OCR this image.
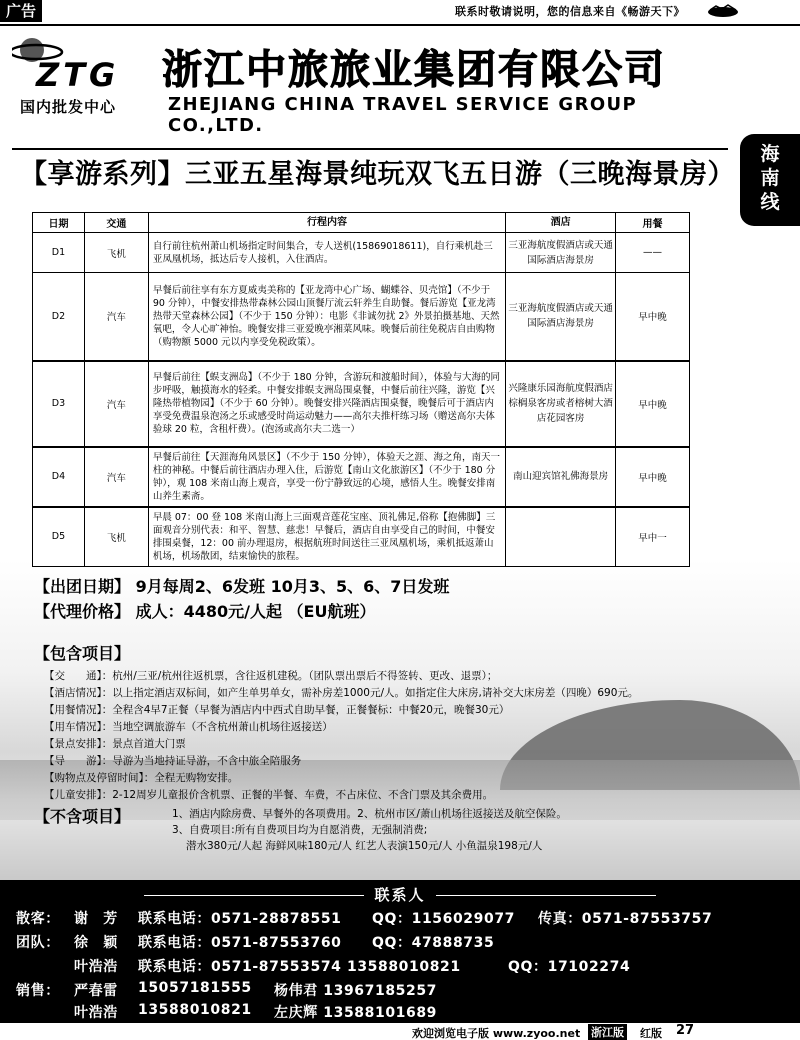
广告	联系时敬请说明，您的信息来自《畅游天下》
ZTG
国内批发中心
浙江中旅旅业集团有限公司
ZHEJIANG CHINA TRAVEL SERVICE GROUP CO.,LTD.
海南线
【享游系列】三亚五星海景纯玩双飞五日游（三晚海景房）
日期	交通	行程内容	酒店	用餐
D1	飞机	自行前往杭州萧山机场指定时间集合，专人送机(15869018611)，自行乘机赴三亚凤凰机场，抵达后专人接机，入住酒店。	三亚海航度假酒店或天通国际酒店海景房	——
D2	汽车	早餐后前往享有东方夏威夷美称的【亚龙湾中心广场、蝴蝶谷、贝壳馆】（不少于 90 分钟），中餐安排热带森林公园山顶餐厅流云轩养生自助餐。餐后游览【亚龙湾热带天堂森林公园】（不少于 150 分钟）：电影《非诚勿扰 2》外景拍摄基地、天然氧吧，令人心旷神怡。晚餐安排三亚爱晚亭湘菜风味。晚餐后前往免税店自由购物（购物额 5000 元以内享受免税政策）。	三亚海航度假酒店或天通国际酒店海景房	早中晚
D3	汽车	早餐后前往【蜈支洲岛】（不少于 180 分钟，含游玩和渡船时间），体验与大海的同步呼吸，触摸海水的轻柔。中餐安排蜈支洲岛围桌餐，中餐后前往兴隆，游览【兴隆热带植物园】（不少于 60 分钟）。晚餐安排兴隆酒店围桌餐，晚餐后可于酒店内享受免费温泉泡汤之乐或感受时尚运动魅力——高尔夫推杆练习场（赠送高尔夫体验球 20 粒，含租杆费）。(泡汤或高尔夫二选一）	兴隆康乐园海航度假酒店棕榈泉客房或者榕树大酒店花园客房	早中晚
D4	汽车	早餐后前往【天涯海角风景区】（不少于 150 分钟），体验天之涯、海之角，南天一柱的神秘。中餐后前往酒店办理入住，后游览【南山文化旅游区】（不少于 180 分钟），观 108 米南山海上观音，享受一份宁静致远的心境，感悟人生。晚餐安排南山养生素斋。	南山迎宾馆礼佛海景房	早中晚
D5	飞机	早晨 07：00 登 108 米南山海上三面观音莲花宝座、顶礼佛足,俗称【抱佛脚】三面观音分别代表：和平、智慧、慈悲！早餐后，酒店自由享受自己的时间，中餐安排围桌餐，12：00 前办理退房，根据航班时间送往三亚凤凰机场，乘机抵返萧山机场，机场散团，结束愉快的旅程。		早中一
【出团日期】 9月每周2、6发班 10月3、5、6、7日发班
【代理价格】 成人：4480元/人起 （EU航班）
【包含项目】
【交　　通】：杭州/三亚/杭州往返机票，含往返机建税。（团队票出票后不得签转、更改、退票）；
【酒店情况】：以上指定酒店双标间，如产生单男单女，需补房差1000元/人。如指定住大床房,请补交大床房差（四晚）690元。
【用餐情况】：全程含4早7正餐（早餐为酒店内中西式自助早餐，正餐餐标：中餐20元，晚餐30元）
【用车情况】：当地空调旅游车（不含杭州萧山机场往返接送）
【景点安排】：景点首道大门票
【导　　游】：导游为当地持证导游，不含中旅全陪服务
【购物点及停留时间】：全程无购物安排。
【儿童安排】：2-12周岁儿童报价含机票、正餐的半餐、车费，不占床位、不含门票及其余费用。
【不含项目】	1、酒店内除房费、早餐外的各项费用。2、杭州市区/萧山机场往返接送及航空保险。
3、自费项目:所有自费项目均为自愿消费，无强制消费;
潜水380元/人起 海鲜风味180元/人 红艺人表演150元/人 小鱼温泉198元/人
联系人
散客： 谢　芳 联系电话：0571-28878551 QQ：1156029077 传真：0571-87553757
团队： 徐　颖 联系电话：0571-87553760 QQ：47888735
叶浩浩 联系电话：0571-87553574 13588010821	QQ：17102274
销售： 严春雷 15057181555 杨伟君 13967185257
叶浩浩 13588010821 左庆辉 13588101689
欢迎浏览电子版 www.zyoo.net 浙江版 红版 27
